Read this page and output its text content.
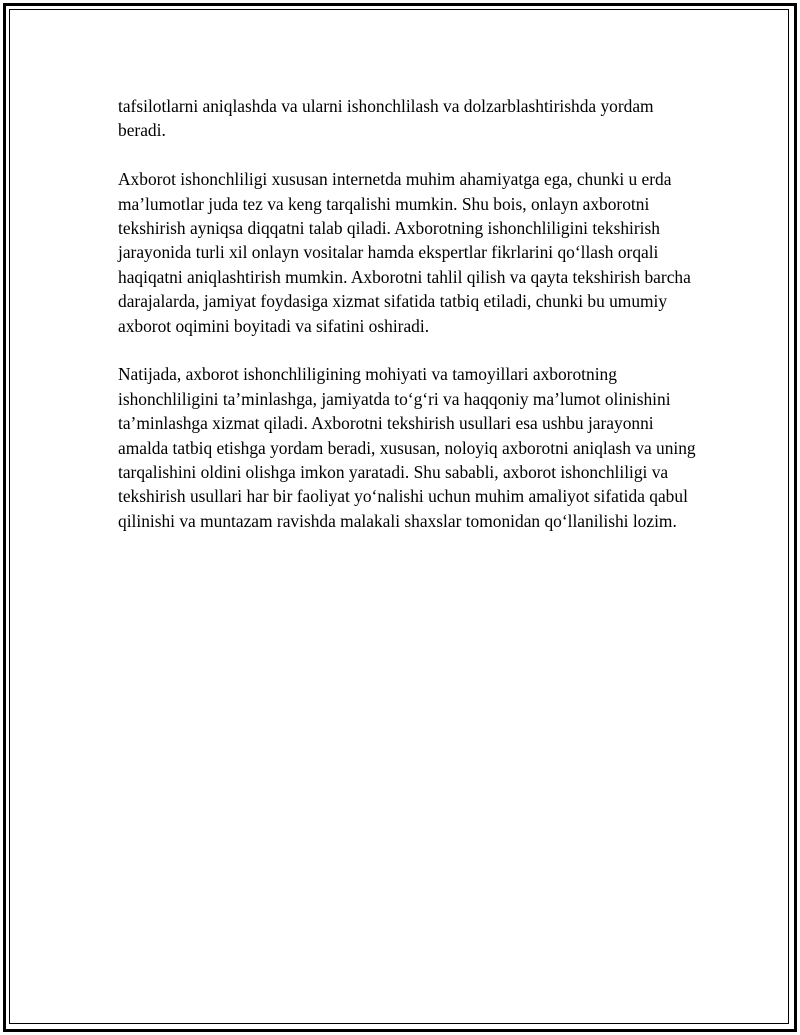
tafsilotlarni aniqlashda va ularni ishonchlilash va dolzarblashtirishda yordam beradi.

Axborot ishonchliligi xususan internetda muhim ahamiyatga ega, chunki u erda ma’lumotlar juda tez va keng tarqalishi mumkin. Shu bois, onlayn axborotni tekshirish ayniqsa diqqatni talab qiladi. Axborotning ishonchliligini tekshirish jarayonida turli xil onlayn vositalar hamda ekspertlar fikrlarini qo‘llash orqali haqiqatni aniqlashtirish mumkin. Axborotni tahlil qilish va qayta tekshirish barcha darajalarda, jamiyat foydasiga xizmat sifatida tatbiq etiladi, chunki bu umumiy axborot oqimini boyitadi va sifatini oshiradi.

Natijada, axborot ishonchliligining mohiyati va tamoyillari axborotning ishonchliligini ta’minlashga, jamiyatda to‘g‘ri va haqqoniy ma’lumot olinishini ta’minlashga xizmat qiladi. Axborotni tekshirish usullari esa ushbu jarayonni amalda tatbiq etishga yordam beradi, xususan, noloyiq axborotni aniqlash va uning tarqalishini oldini olishga imkon yaratadi. Shu sababli, axborot ishonchliligi va tekshirish usullari har bir faoliyat yo‘nalishi uchun muhim amaliyot sifatida qabul qilinishi va muntazam ravishda malakali shaxslar tomonidan qo‘llanilishi lozim.
